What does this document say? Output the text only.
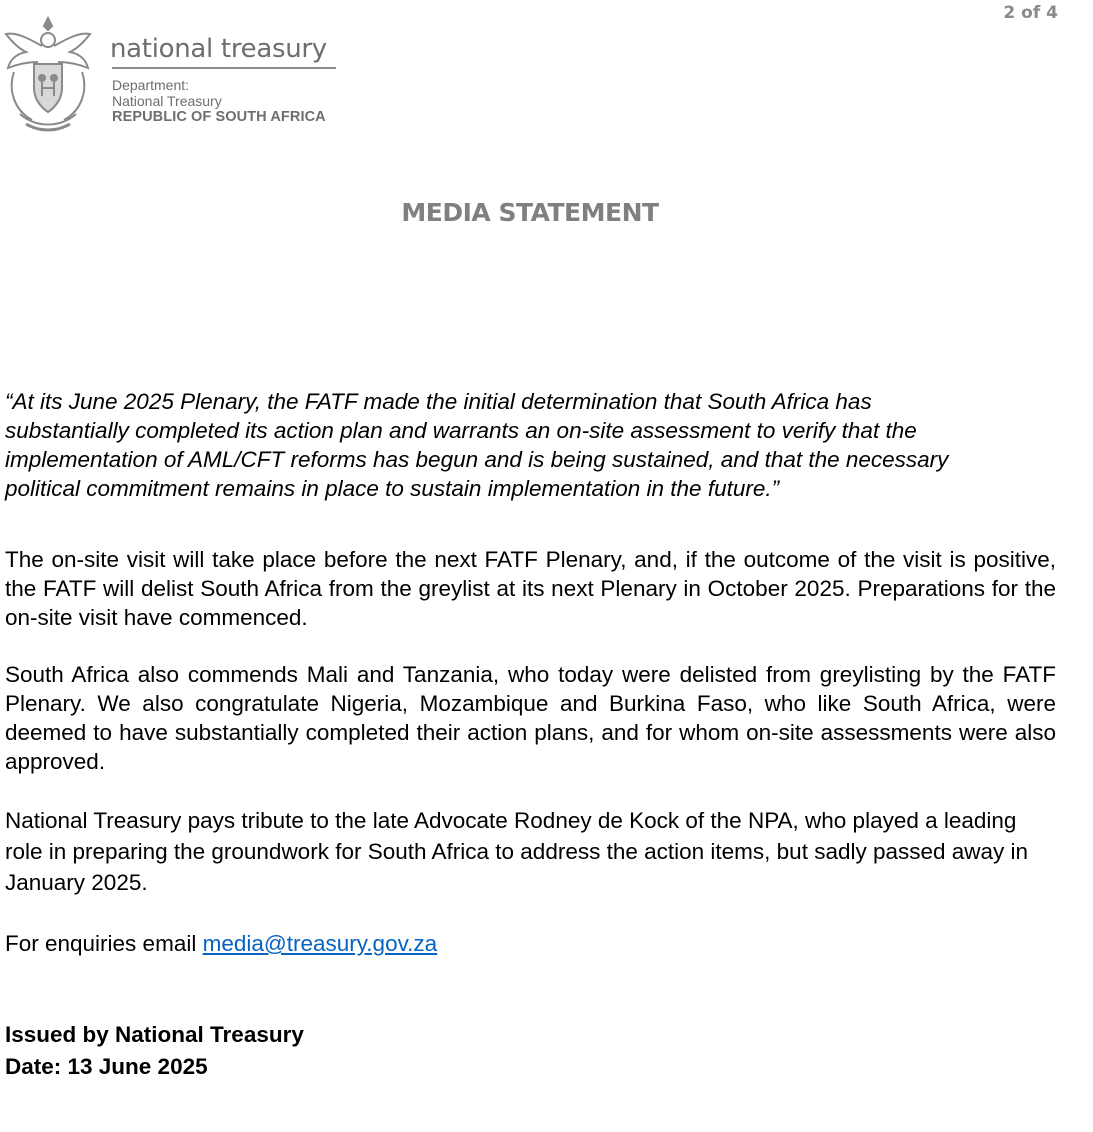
2 of 4
national treasury
Department:
National Treasury
REPUBLIC OF SOUTH AFRICA
MEDIA STATEMENT

“At its June 2025 Plenary, the FATF made the initial determination that South Africa has substantially completed its action plan and warrants an on-site assessment to verify that the implementation of AML/CFT reforms has begun and is being sustained, and that the necessary political commitment remains in place to sustain implementation in the future.”

The on-site visit will take place before the next FATF Plenary, and, if the outcome of the visit is positive, the FATF will delist South Africa from the greylist at its next Plenary in October 2025. Preparations for the on-site visit have commenced.

South Africa also commends Mali and Tanzania, who today were delisted from greylisting by the FATF Plenary. We also congratulate Nigeria, Mozambique and Burkina Faso, who like South Africa, were deemed to have substantially completed their action plans, and for whom on-site assessments were also approved.

National Treasury pays tribute to the late Advocate Rodney de Kock of the NPA, who played a leading role in preparing the groundwork for South Africa to address the action items, but sadly passed away in January 2025.

For enquiries email media@treasury.gov.za

Issued by National Treasury
Date: 13 June 2025
